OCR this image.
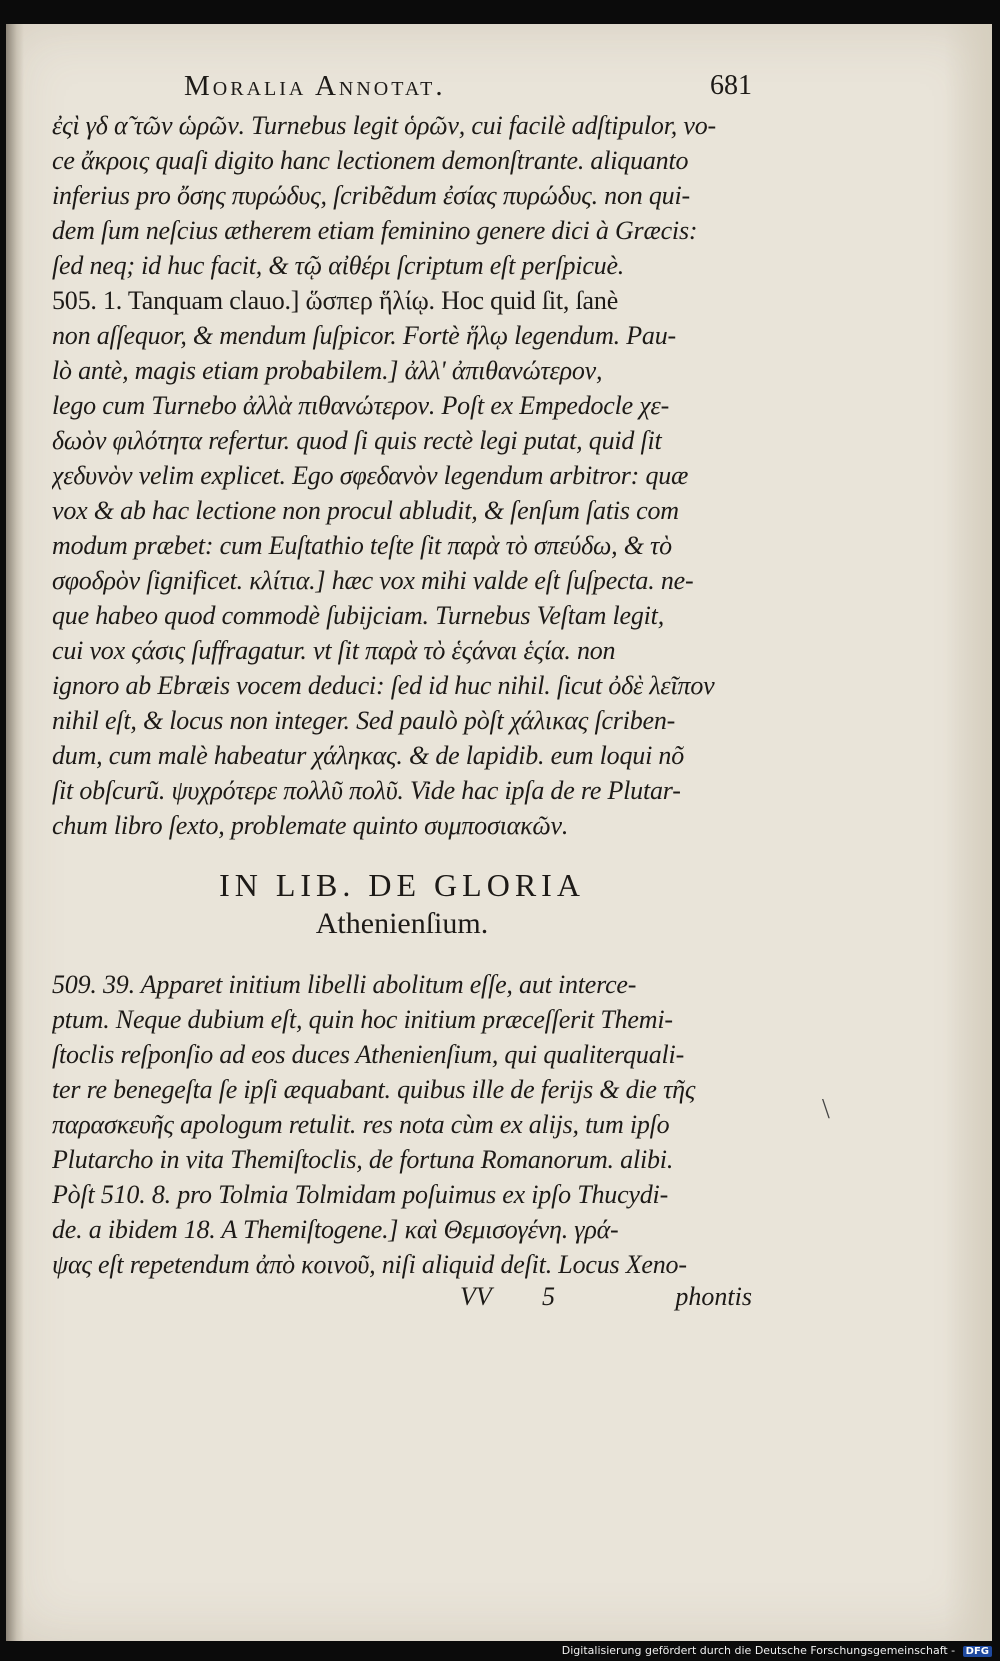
Moralia Annotat.	681
ἐςὶ γδ α̃ τῶν ὡρῶν. Turnebus legit ὁρῶν, cui facilè adſtipulor, vo-
ce ἄκροις quaſi digito hanc lectionem demonſtrante. aliquanto
inferius pro ὄσης πυρώδυς, ſcribẽdum ἐσίας πυρώδυς. non qui-
dem ſum neſcius ætherem etiam feminino genere dici à Græcis:
ſed neq; id huc facit, & τῷ αἰθέρι ſcriptum eſt perſpicuè.
505. 1. Tanquam clauo.] ὥσπερ ἥλίῳ. Hoc quid ſit, ſanè
non aſſequor, & mendum ſuſpicor. Fortè ἥλῳ legendum. Pau-
lò antè, magis etiam probabilem.] ἀλλ' ἀπιθανώτερον,
lego cum Turnebo ἀλλὰ πιθανώτερον. Poſt ex Empedocle χε-
δωὸν φιλότητα refertur. quod ſi quis rectè legi putat, quid ſit
χεδυνὸν velim explicet. Ego σφεδανὸν legendum arbitror: quæ
vox & ab hac lectione non procul abludit, & ſenſum ſatis com
modum præbet: cum Euſtathio teſte ſit παρὰ τὸ σπεύδω, & τὸ
σφοδρὸν ſignificet. κλίτια.] hæc vox mihi valde eſt ſuſpecta. ne-
que habeo quod commodè ſubijciam. Turnebus Veſtam legit,
cui vox ςάσις ſuffragatur. vt ſit παρὰ τὸ ἑςάναι ἑςία. non
ignoro ab Ebræis vocem deduci: ſed id huc nihil. ſicut ὀδὲ λεῖπον
nihil eſt, & locus non integer. Sed paulò pòſt χάλικας ſcriben-
dum, cum malè habeatur χάληκας. & de lapidib. eum loqui nõ
ſit obſcurũ. ψυχρότερε πολλῦ πολῦ. Vide hac ipſa de re Plutar-
chum libro ſexto, problemate quinto συμποσιακῶν.
IN LIB. DE GLORIA
Athenienſium.
509. 39. Apparet initium libelli abolitum eſſe, aut interce-
ptum. Neque dubium eſt, quin hoc initium præceſſerit Themi-
ſtoclis reſponſio ad eos duces Athenienſium, qui qualiterquali-
ter re benegeſta ſe ipſi æquabant. quibus ille de ferijs & die τῆς
παρασκευῆς apologum retulit. res nota cùm ex alijs, tum ipſo
Plutarcho in vita Themiſtoclis, de fortuna Romanorum. alibi.
Pòſt 510. 8. pro Tolmia Tolmidam poſuimus ex ipſo Thucydi-
de. a ibidem 18. A Themiſtogene.] καὶ Θεμισογένη. γρά-
ψας eſt repetendum ἀπὸ κοινοῦ, niſi aliquid deſit. Locus Xeno-
VV 5	phontis
\
Digitalisierung gefördert durch die Deutsche Forschungsgemeinschaft - DFG
